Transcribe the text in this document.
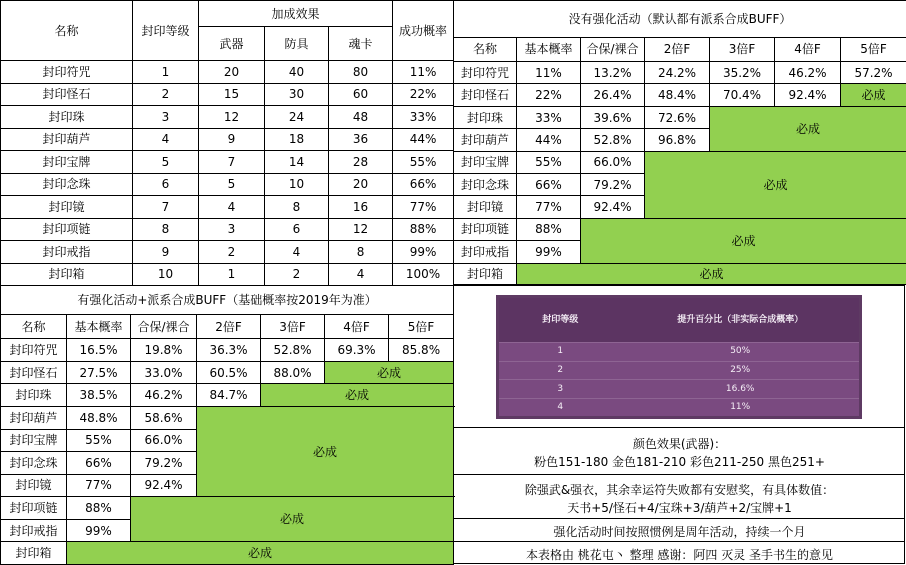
名称	封印等级	加成效果			成功概率
		武器	防具	魂卡	
封印符咒	1	20	40	80	11%
封印怪石	2	15	30	60	22%
封印珠	3	12	24	48	33%
封印葫芦	4	9	18	36	44%
封印宝牌	5	7	14	28	55%
封印念珠	6	5	10	20	66%
封印镜	7	4	8	16	77%
封印项链	8	3	6	12	88%
封印戒指	9	2	4	8	99%
封印箱	10	1	2	4	100%
没有强化活动（默认都有派系合成BUFF）						
名称	基本概率	合保/裸合	2倍F	3倍F	4倍F	5倍F
封印符咒	11%	13.2%	24.2%	35.2%	46.2%	57.2%
封印怪石	22%	26.4%	48.4%	70.4%	92.4%	必成
封印珠	33%	39.6%	72.6%	必成		
封印葫芦	44%	52.8%	96.8%			
封印宝牌	55%	66.0%	必成			
封印念珠	66%	79.2%				
封印镜	77%	92.4%				
封印项链	88%	必成				
封印戒指	99%					
封印箱	必成					
有强化活动+派系合成BUFF（基础概率按2019年为准）						
名称	基本概率	合保/裸合	2倍F	3倍F	4倍F	5倍F
封印符咒	16.5%	19.8%	36.3%	52.8%	69.3%	85.8%
封印怪石	27.5%	33.0%	60.5%	88.0%	必成	
封印珠	38.5%	46.2%	84.7%	必成		
封印葫芦	48.8%	58.6%	必成			
封印宝牌	55%	66.0%				
封印念珠	66%	79.2%				
封印镜	77%	92.4%				
封印项链	88%	必成				
封印戒指	99%					
封印箱	必成					
封印等级	提升百分比（非实际合成概率）
1	50%
2	25%
3	16.6%
4	11%
颜色效果(武器)：
粉色151-180 金色181-210 彩色211-250 黑色251+
除强武&强衣，其余幸运符失败都有安慰奖，有具体数值：
天书+5/怪石+4/宝珠+3/葫芦+2/宝牌+1
强化活动时间按照惯例是周年活动，持续一个月
本表格由 桃花屯丶 整理 感谢：阿四 灭灵 圣手书生的意见
